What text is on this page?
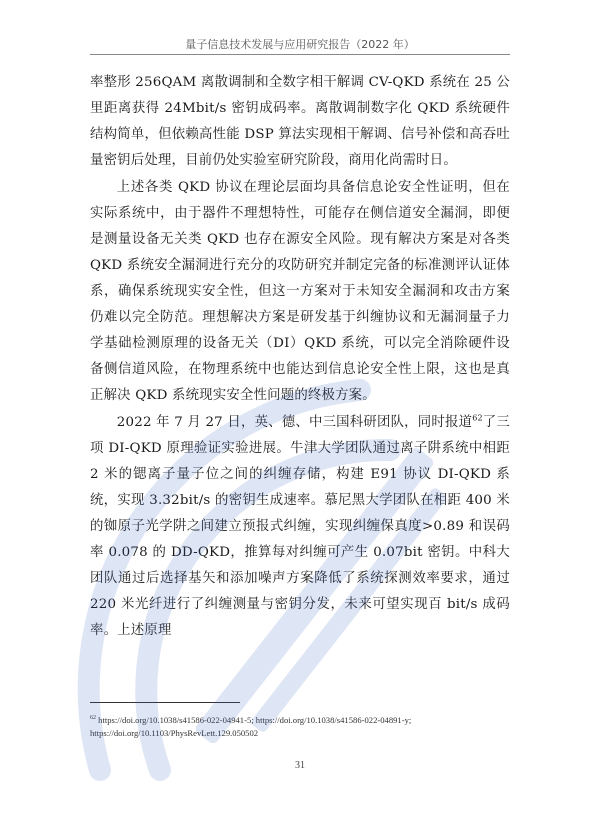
量子信息技术发展与应用研究报告（2022 年）

率整形 256QAM 离散调制和全数字相干解调 CV-QKD 系统在 25 公里距离获得 24Mbit/s 密钥成码率。离散调制数字化 QKD 系统硬件结构简单，但依赖高性能 DSP 算法实现相干解调、信号补偿和高吞吐量密钥后处理，目前仍处实验室研究阶段，商用化尚需时日。

上述各类 QKD 协议在理论层面均具备信息论安全性证明，但在实际系统中，由于器件不理想特性，可能存在侧信道安全漏洞，即便是测量设备无关类 QKD 也存在源安全风险。现有解决方案是对各类 QKD 系统安全漏洞进行充分的攻防研究并制定完备的标准测评认证体系，确保系统现实安全性，但这一方案对于未知安全漏洞和攻击方案仍难以完全防范。理想解决方案是研发基于纠缠协议和无漏洞量子力学基础检测原理的设备无关（DI）QKD 系统，可以完全消除硬件设备侧信道风险，在物理系统中也能达到信息论安全性上限，这也是真正解决 QKD 系统现实安全性问题的终极方案。

2022 年 7 月 27 日，英、德、中三国科研团队，同时报道$^{62}$了三项 DI-QKD 原理验证实验进展。牛津大学团队通过离子阱系统中相距 2 米的锶离子量子位之间的纠缠存储，构建 E91 协议 DI-QKD 系统，实现 3.32bit/s 的密钥生成速率。慕尼黑大学团队在相距 400 米的铷原子光学阱之间建立预报式纠缠，实现纠缠保真度>0.89 和误码率 0.078 的 DD-QKD，推算每对纠缠可产生 0.07bit 密钥。中科大团队通过后选择基矢和添加噪声方案降低了系统探测效率要求，通过 220 米光纤进行了纠缠测量与密钥分发，未来可望实现百 bit/s 成码率。上述原理

$^{62}$ https://doi.org/10.1038/s41586-022-04941-5; https://doi.org/10.1038/s41586-022-04891-y; https://doi.org/10.1103/PhysRevLett.129.050502
31
